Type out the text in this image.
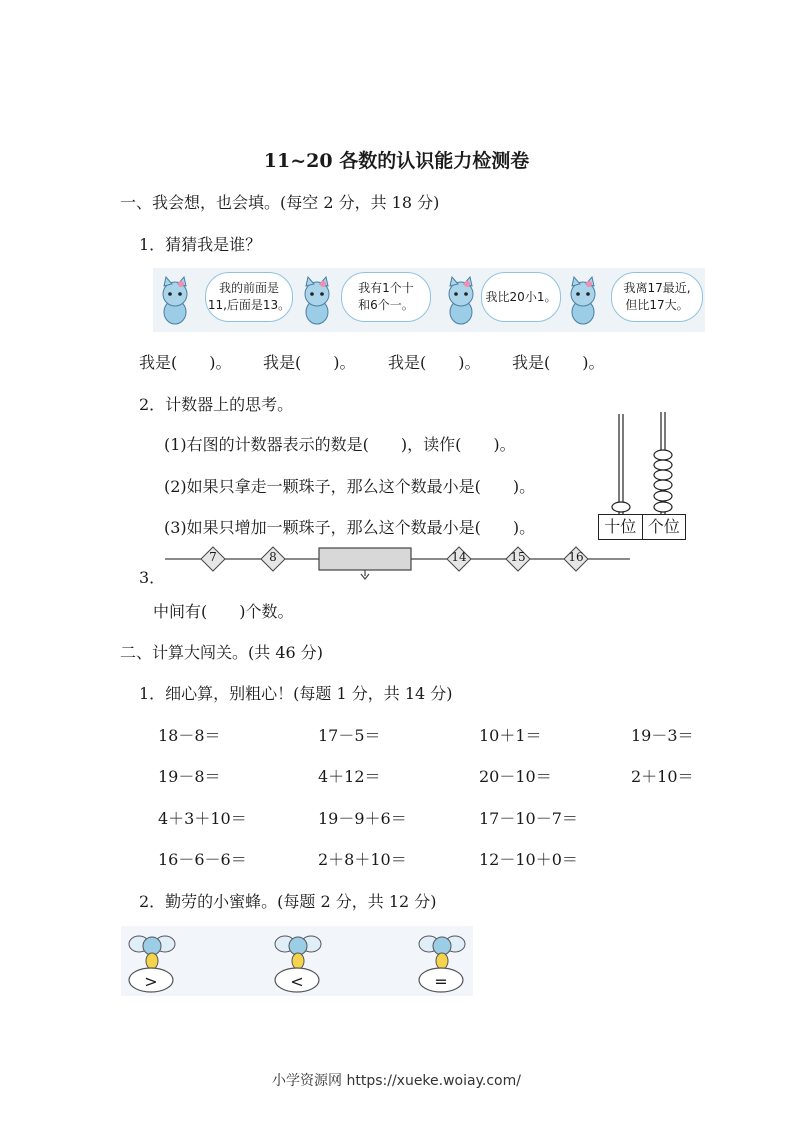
11~20 各数的认识能力检测卷
一、我会想，也会填。(每空 2 分，共 18 分)
1．猜猜我是谁？
我的前面是
11,后面是13。
我有1个十
和6个一。
我比20小1。
我离17最近,
但比17大。
我是(　　)。 我是(　　)。 我是(　　)。 我是(　　)。
2．计数器上的思考。
(1)右图的计数器表示的数是(　　)，读作(　　)。
(2)如果只拿走一颗珠子，那么这个数最小是(　　)。
(3)如果只增加一颗珠子，那么这个数最小是(　　)。	十位 个位
3．
7	8	14	15	16
中间有(　　)个数。
二、计算大闯关。(共 46 分)
1．细心算，别粗心！(每题 1 分，共 14 分)
18－8＝	17－5＝	10＋1＝	19－3＝
19－8＝	4＋12＝	20－10＝	2＋10＝
4＋3＋10＝	19－9＋6＝	17－10－7＝
16－6－6＝	2＋8＋10＝	12－10＋0＝
2．勤劳的小蜜蜂。(每题 2 分，共 12 分)
>	<	=
小学资源网 https://xueke.woiay.com/
